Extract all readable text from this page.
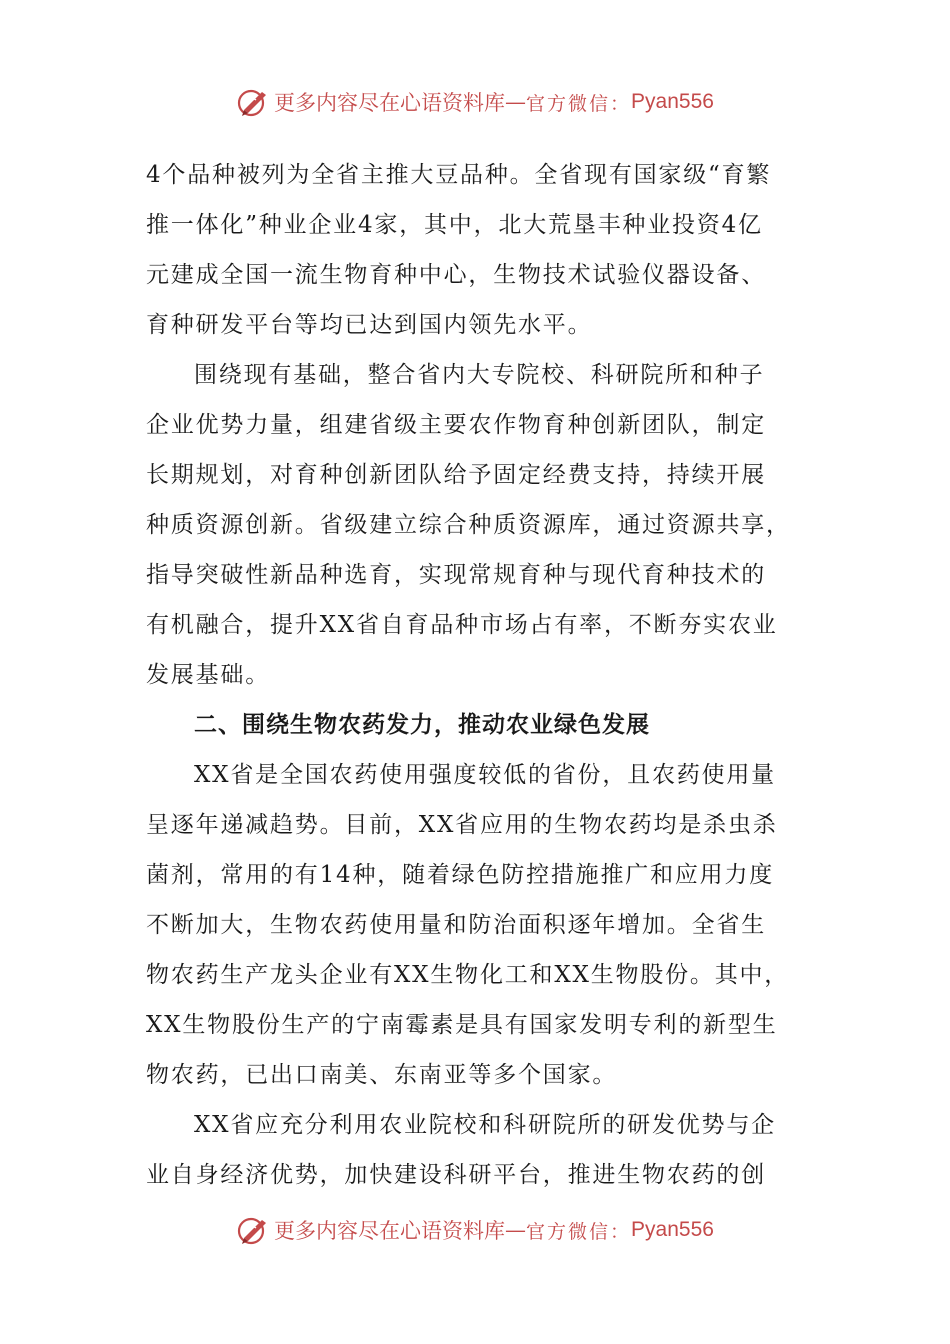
更多内容尽在心语资料库 — 官方微信： Pyan556
4个品种被列为全省主推大豆品种。全省现有国家级“育繁
推一体化”种业企业4家，其中，北大荒垦丰种业投资4亿
元建成全国一流生物育种中心，生物技术试验仪器设备、
育种研发平台等均已达到国内领先水平。
围绕现有基础，整合省内大专院校、科研院所和种子
企业优势力量，组建省级主要农作物育种创新团队，制定
长期规划，对育种创新团队给予固定经费支持，持续开展
种质资源创新。省级建立综合种质资源库，通过资源共享，
指导突破性新品种选育，实现常规育种与现代育种技术的
有机融合，提升XX省自育品种市场占有率，不断夯实农业
发展基础。
二、围绕生物农药发力，推动农业绿色发展
XX省是全国农药使用强度较低的省份，且农药使用量
呈逐年递减趋势。目前，XX省应用的生物农药均是杀虫杀
菌剂，常用的有14种，随着绿色防控措施推广和应用力度
不断加大，生物农药使用量和防治面积逐年增加。全省生
物农药生产龙头企业有XX生物化工和XX生物股份。其中，
XX生物股份生产的宁南霉素是具有国家发明专利的新型生
物农药，已出口南美、东南亚等多个国家。
XX省应充分利用农业院校和科研院所的研发优势与企
业自身经济优势，加快建设科研平台，推进生物农药的创
更多内容尽在心语资料库 — 官方微信： Pyan556
